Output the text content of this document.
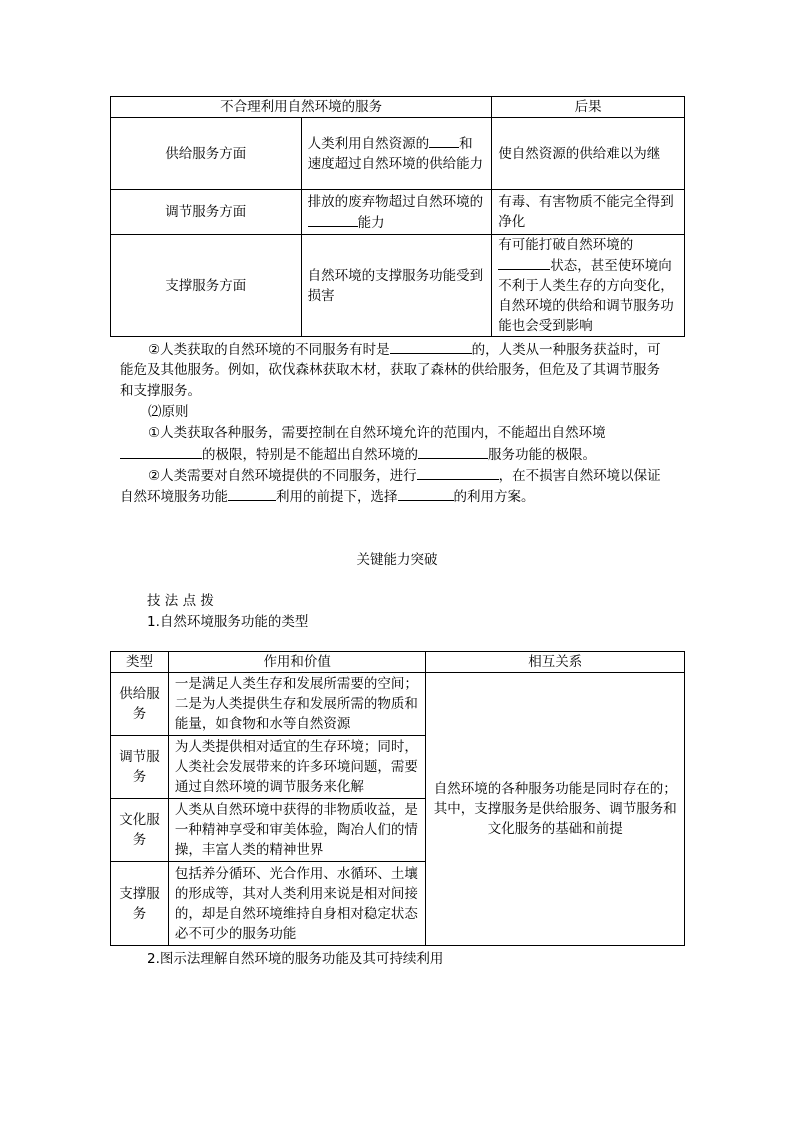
不合理利用自然环境的服务		后果
供给服务方面	人类利用自然资源的 和速度超过自然环境的供给能力	使自然资源的供给难以为继
调节服务方面	排放的废弃物超过自然环境的能力	有毒、有害物质不能完全得到净化
支撑服务方面	自然环境的支撑服务功能受到损害	有可能打破自然环境的状态，甚至使环境向不利于人类生存的方向变化，自然环境的供给和调节服务功能也会受到影响
②人类获取的自然环境的不同服务有时是	的，人类从一种服务获益时，可
能危及其他服务。例如，砍伐森林获取木材，获取了森林的供给服务，但危及了其调节服务
和支撑服务。
⑵原则
①人类获取各种服务，需要控制在自然环境允许的范围内，不能超出自然环境
的极限，特别是不能超出自然环境的	服务功能的极限。
②人类需要对自然环境提供的不同服务，进行	，在不损害自然环境以保证
自然环境服务功能	利用的前提下，选择	的利用方案。
关键能力突破
技 法 点 拨
1.自然环境服务功能的类型
类型	作用和价值	相互关系
供给服务	一是满足人类生存和发展所需要的空间；二是为人类提供生存和发展所需的物质和能量，如食物和水等自然资源	自然环境的各种服务功能是同时存在的；其中，支撑服务是供给服务、调节服务和文化服务的基础和前提
调节服务	为人类提供相对适宜的生存环境；同时，人类社会发展带来的许多环境问题，需要通过自然环境的调节服务来化解	
文化服务	人类从自然环境中获得的非物质收益，是一种精神享受和审美体验，陶冶人们的情操，丰富人类的精神世界	
支撑服务	包括养分循环、光合作用、水循环、土壤的形成等，其对人类利用来说是相对间接的，却是自然环境维持自身相对稳定状态必不可少的服务功能	
2.图示法理解自然环境的服务功能及其可持续利用
